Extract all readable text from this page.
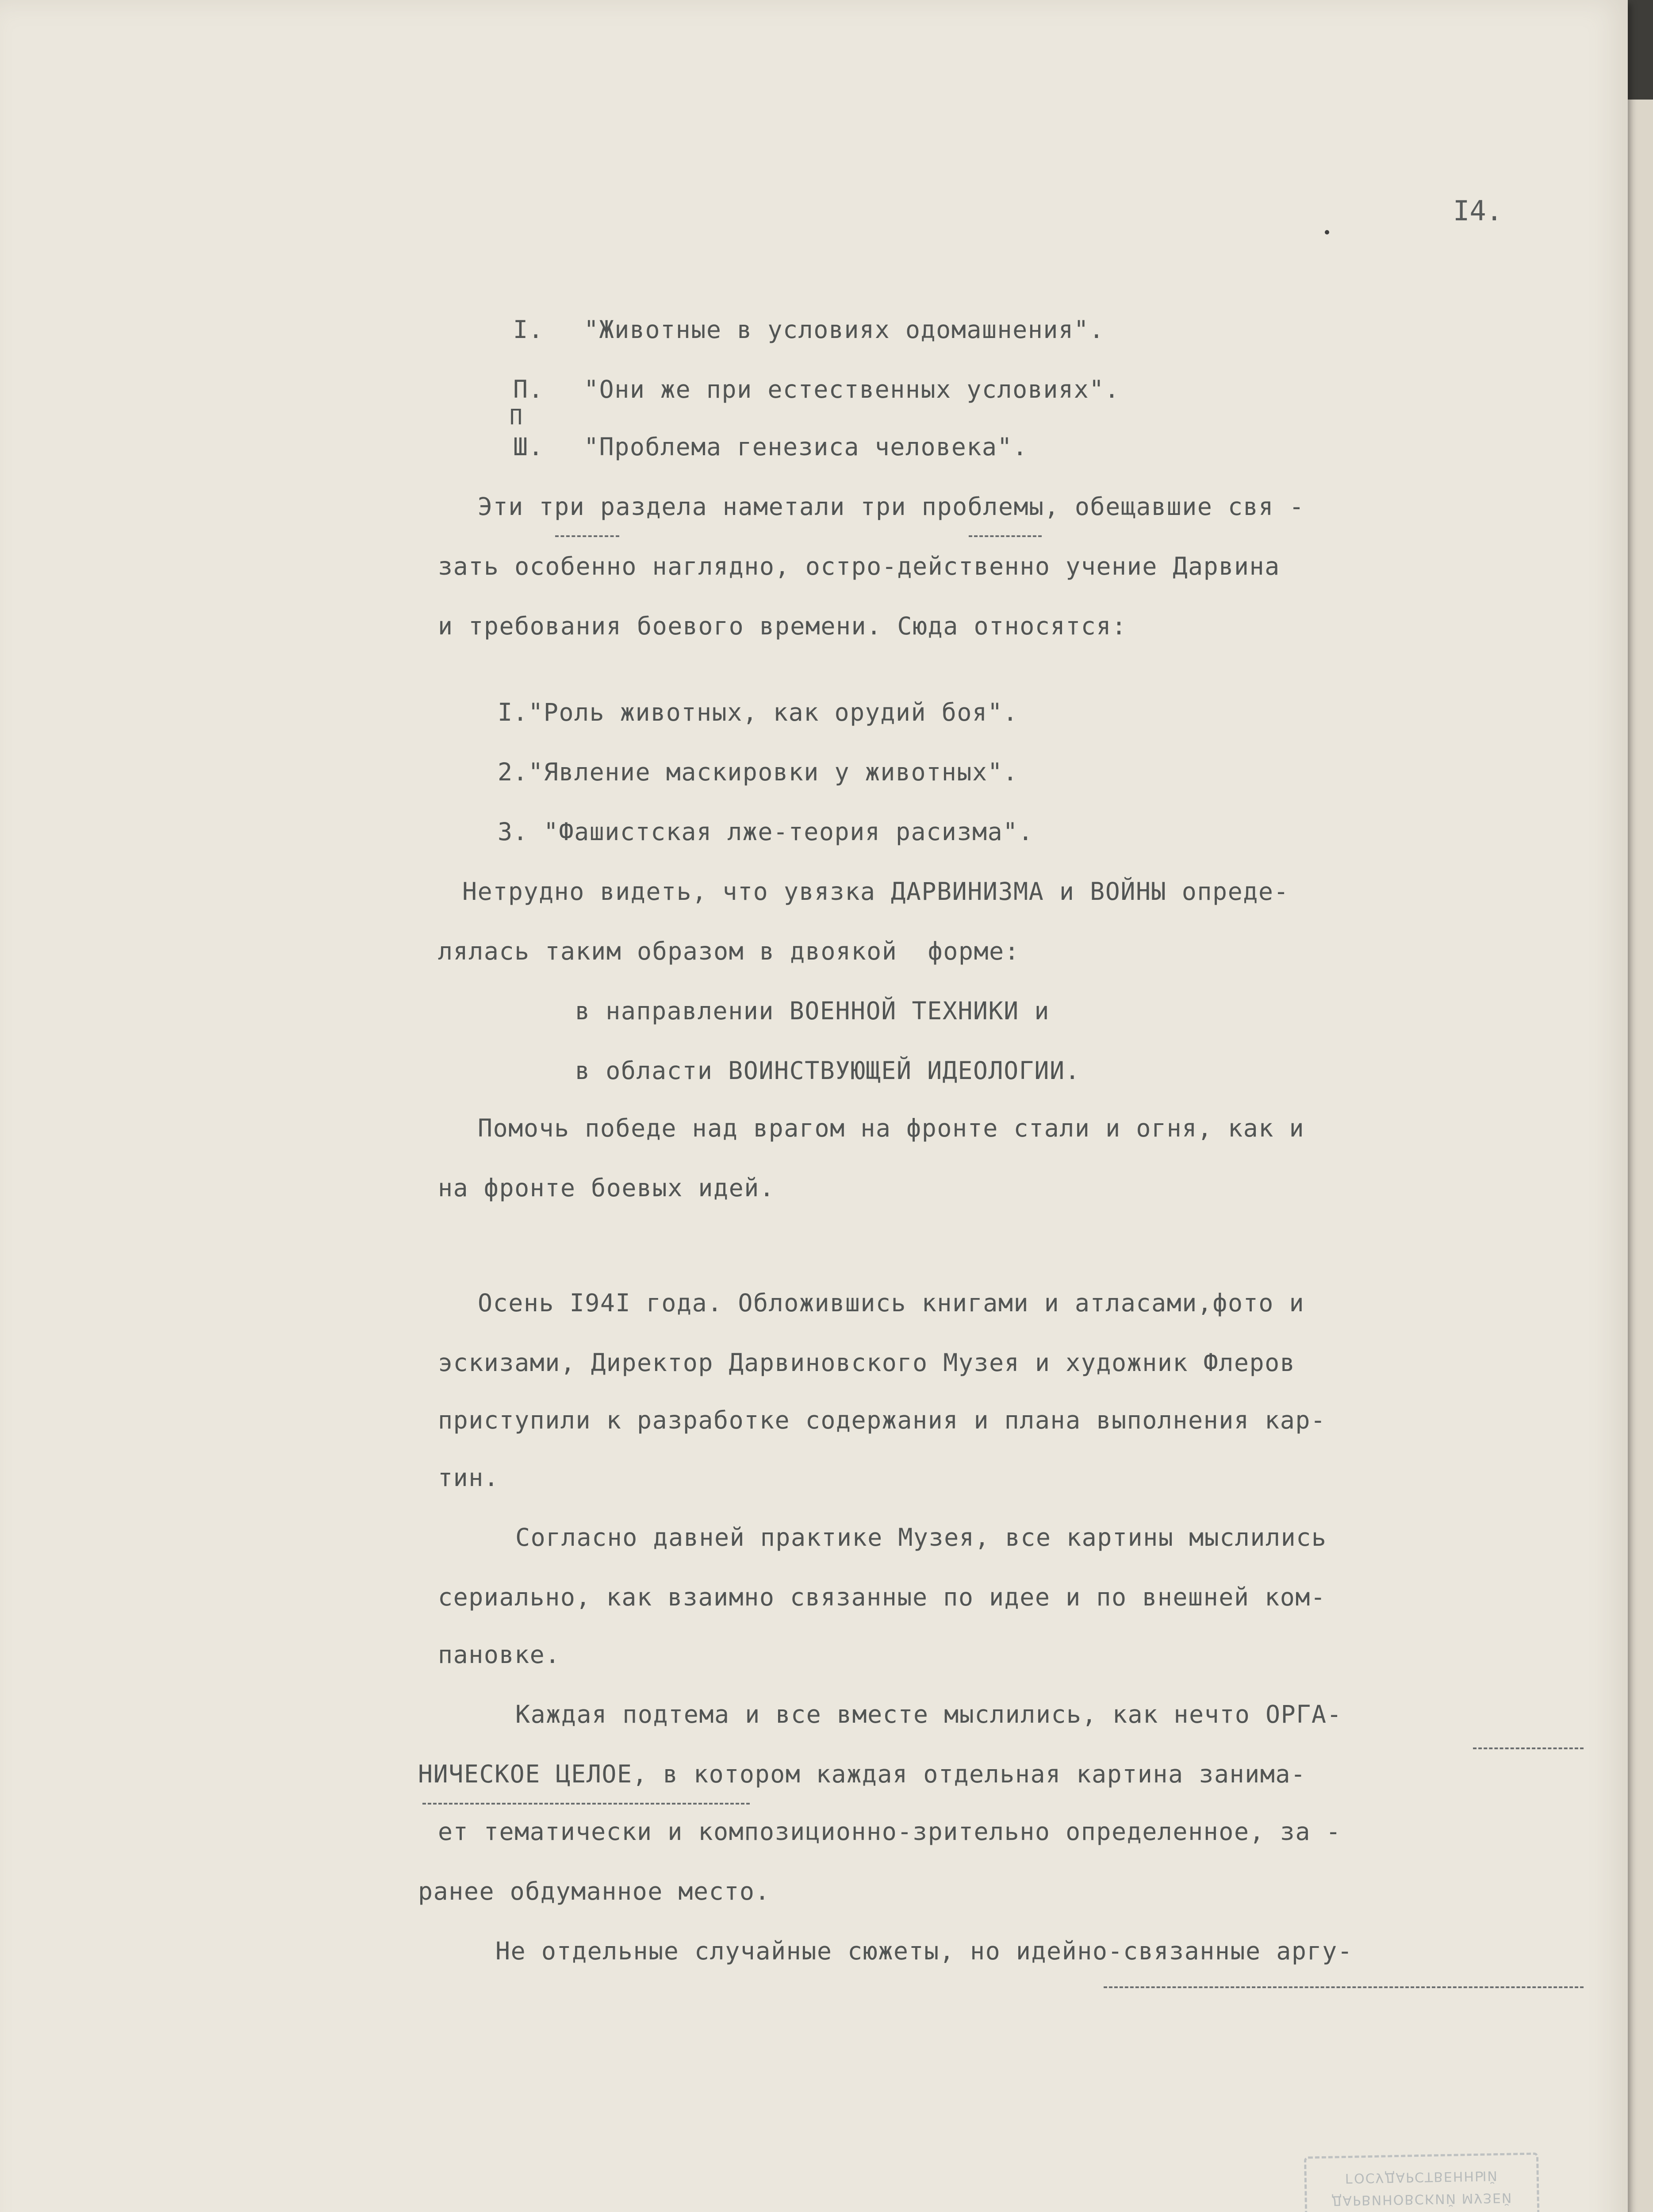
I4.
I. "Животные в условиях одомашнения".
П. "Они же при естественных условиях".
П
Ш. "Проблема генезиса человека".
Эти три раздела наметали три проблемы, обещавшие свя -
зать особенно наглядно, остро-действенно учение Дарвина
и требования боевого времени. Сюда относятся:
I."Роль животных, как орудий боя".
2."Явление маскировки у животных".
3. "Фашистская лже-теория расизма".
Нетрудно видеть, что увязка ДАРВИНИЗМА и ВОЙНЫ опреде-
лялась таким образом в двоякой  форме:
в направлении ВОЕННОЙ ТЕХНИКИ и
в области ВОИНСТВУЮЩЕЙ ИДЕОЛОГИИ.
Помочь победе над врагом на фронте стали и огня, как и
на фронте боевых идей.
Осень I94I года. Обложившись книгами и атласами,фото и
эскизами, Директор Дарвиновского Музея и художник Флеров
приступили к разработке содержания и плана выполнения кар-
тин.
Согласно давней практике Музея, все картины мыслились
сериально, как взаимно связанные по идее и по внешней ком-
пановке.
Каждая подтема и все вместе мыслились, как нечто ОРГА-
НИЧЕСКОЕ ЦЕЛОЕ, в котором каждая отдельная картина занима-
ет тематически и композиционно-зрительно определенное, за -
ранее обдуманное место.
Не отдельные случайные сюжеты, но идейно-связанные аргу-
ГОСУДАРСТВЕННЫЙ
ДАРВИНОВСКИЙ МУЗЕЙ
